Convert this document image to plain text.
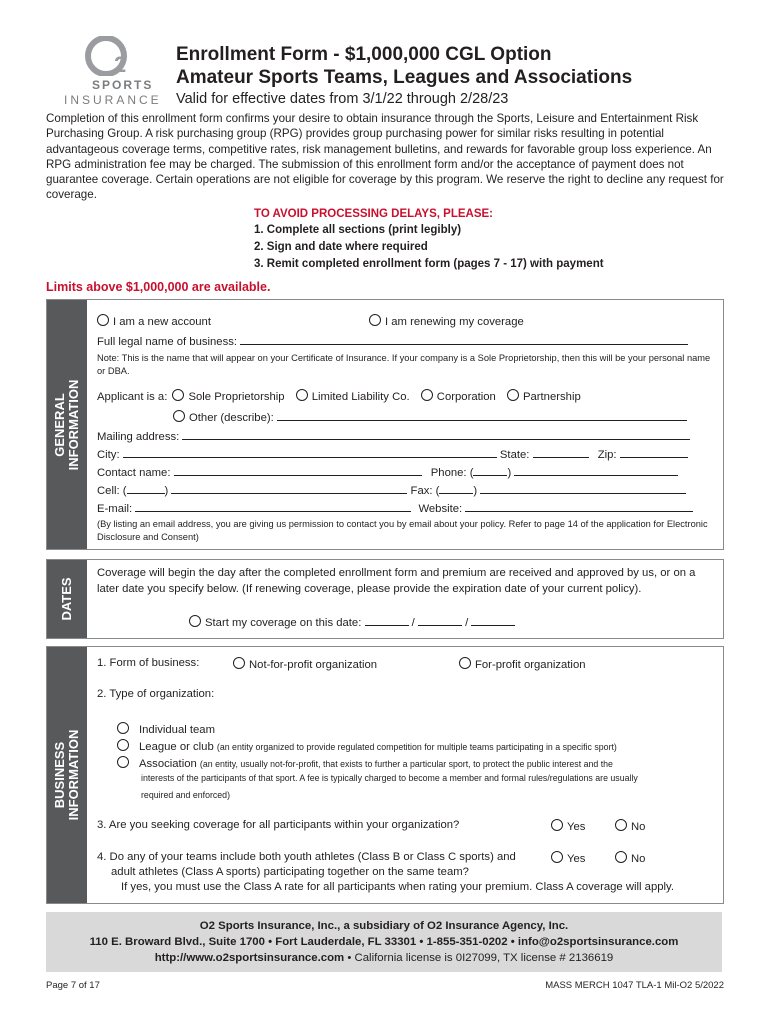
2
SPORTS
INSURANCE
Enrollment Form - $1,000,000 CGL Option
Amateur Sports Teams, Leagues and Associations
Valid for effective dates from 3/1/22 through 2/28/23
Completion of this enrollment form confirms your desire to obtain insurance through the Sports, Leisure and Entertainment Risk Purchasing Group. A risk purchasing group (RPG) provides group purchasing power for similar risks resulting in potential advantageous coverage terms, competitive rates, risk management bulletins, and rewards for favorable group loss experience. An RPG administration fee may be charged. The submission of this enrollment form and/or the acceptance of payment does not guarantee coverage. Certain operations are not eligible for coverage by this program. We reserve the right to decline any request for coverage.
TO AVOID PROCESSING DELAYS, PLEASE:
1. Complete all sections (print legibly)
2. Sign and date where required
3. Remit completed enrollment form (pages 7 - 17) with payment
Limits above $1,000,000 are available.
GENERAL INFORMATION
I am a new account	I am renewing my coverage
Full legal name of business:
Note: This is the name that will appear on your Certificate of Insurance. If your company is a Sole Proprietorship, then this will be your personal name or DBA.
Applicant is a: Sole Proprietorship Limited Liability Co. Corporation Partnership
Other (describe):
Mailing address:
City:	State:	Zip:
Contact name:	Phone: (	)
Cell: (	)	Fax: (	)
E-mail:	Website:
(By listing an email address, you are giving us permission to contact you by email about your policy. Refer to page 14 of the application for Electronic Disclosure and Consent)
DATES
Coverage will begin the day after the completed enrollment form and premium are received and approved by us, or on a later date you specify below. (If renewing coverage, please provide the expiration date of your current policy).
Start my coverage on this date:	/	/
BUSINESS INFORMATION
1. Form of business:	Not-for-profit organization	For-profit organization
2. Type of organization:
Individual team
League or club (an entity organized to provide regulated competition for multiple teams participating in a specific sport)
Association (an entity, usually not-for-profit, that exists to further a particular sport, to protect the public interest and the
interests of the participants of that sport. A fee is typically charged to become a member and formal rules/regulations are usually
required and enforced)
3. Are you seeking coverage for all participants within your organization?	Yes	No
4. Do any of your teams include both youth athletes (Class B or Class C sports) and	Yes	No
adult athletes (Class A sports) participating together on the same team?
If yes, you must use the Class A rate for all participants when rating your premium. Class A coverage will apply.
O2 Sports Insurance, Inc., a subsidiary of O2 Insurance Agency, Inc.
110 E. Broward Blvd., Suite 1700 • Fort Lauderdale, FL 33301 • 1-855-351-0202 • info@o2sportsinsurance.com
http://www.o2sportsinsurance.com • California license is 0I27099, TX license # 2136619
Page 7 of 17	MASS MERCH 1047 TLA-1 Mil-O2 5/2022
